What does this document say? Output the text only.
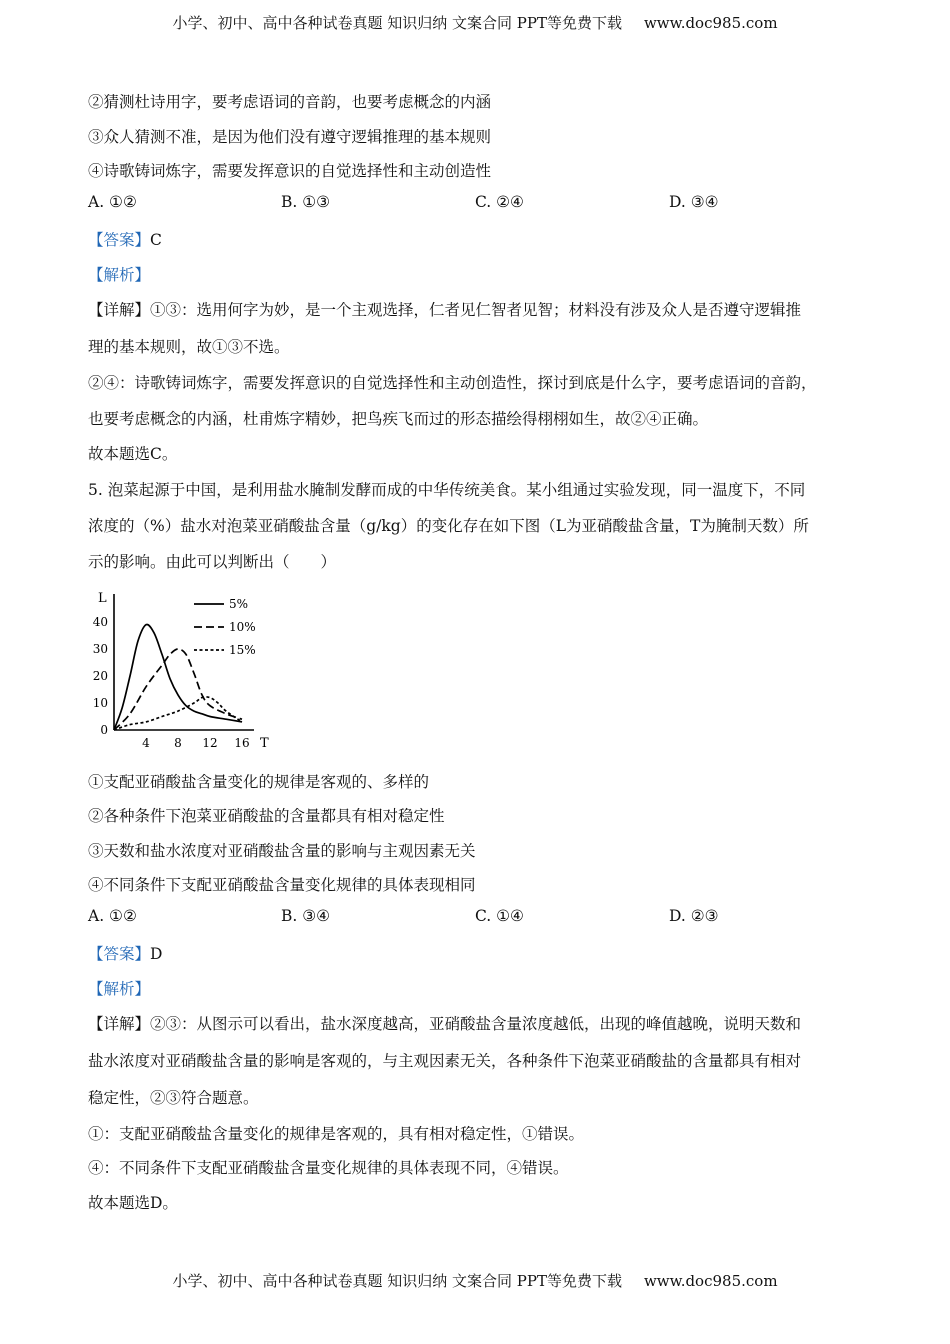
小学、初中、高中各种试卷真题 知识归纳 文案合同 PPT等免费下载 www.doc985.com
②猜测杜诗用字，要考虑语词的音韵，也要考虑概念的内涵
③众人猜测不准，是因为他们没有遵守逻辑推理的基本规则
④诗歌铸词炼字，需要发挥意识的自觉选择性和主动创造性
A. ①②	B. ①③	C. ②④	D. ③④
【答案】C
【解析】
【详解】①③：选用何字为妙，是一个主观选择，仁者见仁智者见智；材料没有涉及众人是否遵守逻辑推
理的基本规则，故①③不选。
②④：诗歌铸词炼字，需要发挥意识的自觉选择性和主动创造性，探讨到底是什么字，要考虑语词的音韵，
也要考虑概念的内涵，杜甫炼字精妙，把鸟疾飞而过的形态描绘得栩栩如生，故②④正确。
故本题选C。
5. 泡菜起源于中国，是利用盐水腌制发酵而成的中华传统美食。某小组通过实验发现，同一温度下，不同
浓度的（%）盐水对泡菜亚硝酸盐含量（g/kg）的变化存在如下图（L为亚硝酸盐含量，T为腌制天数）所
示的影响。由此可以判断出（　　）
L
T
0
10
20
30
40
4 8 12 16
5%
10%
15%
①支配亚硝酸盐含量变化的规律是客观的、多样的
②各种条件下泡菜亚硝酸盐的含量都具有相对稳定性
③天数和盐水浓度对亚硝酸盐含量的影响与主观因素无关
④不同条件下支配亚硝酸盐含量变化规律的具体表现相同
A. ①②	B. ③④	C. ①④	D. ②③
【答案】D
【解析】
【详解】②③：从图示可以看出，盐水深度越高，亚硝酸盐含量浓度越低，出现的峰值越晚，说明天数和
盐水浓度对亚硝酸盐含量的影响是客观的，与主观因素无关，各种条件下泡菜亚硝酸盐的含量都具有相对
稳定性，②③符合题意。
①：支配亚硝酸盐含量变化的规律是客观的，具有相对稳定性，①错误。
④：不同条件下支配亚硝酸盐含量变化规律的具体表现不同，④错误。
故本题选D。
小学、初中、高中各种试卷真题 知识归纳 文案合同 PPT等免费下载 www.doc985.com
